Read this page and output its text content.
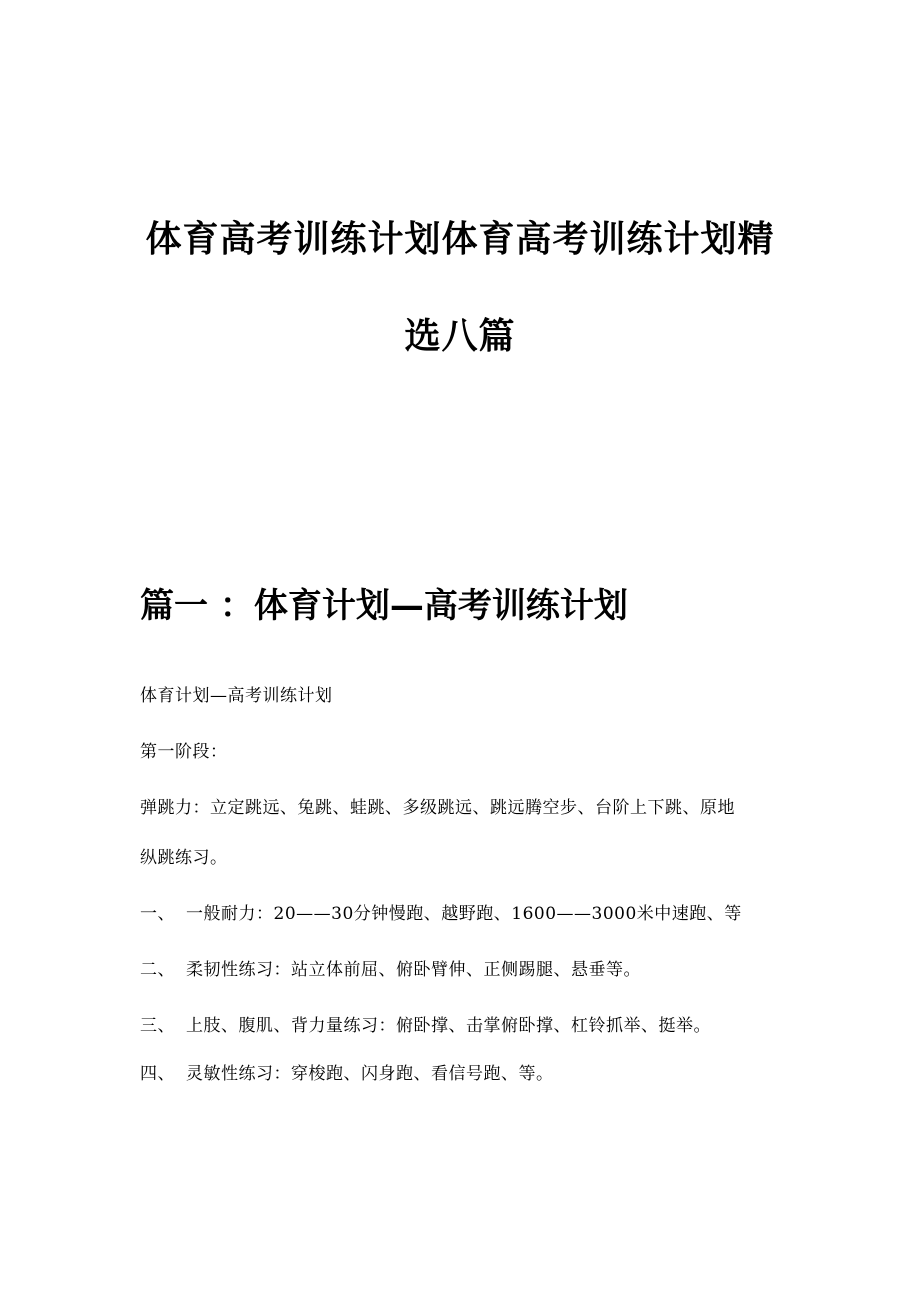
体育高考训练计划体育高考训练计划精
选八篇
篇一 ：体育计划—高考训练计划
体育计划—高考训练计划
第一阶段：
弹跳力：立定跳远、兔跳、蛙跳、多级跳远、跳远腾空步、台阶上下跳、原地
纵跳练习。
一、 一般耐力：20——30分钟慢跑、越野跑、1600——3000米中速跑、等
二、 柔韧性练习：站立体前屈、俯卧臂伸、正侧踢腿、悬垂等。
三、 上肢、腹肌、背力量练习：俯卧撑、击掌俯卧撑、杠铃抓举、挺举。
四、 灵敏性练习：穿梭跑、闪身跑、看信号跑、等。
